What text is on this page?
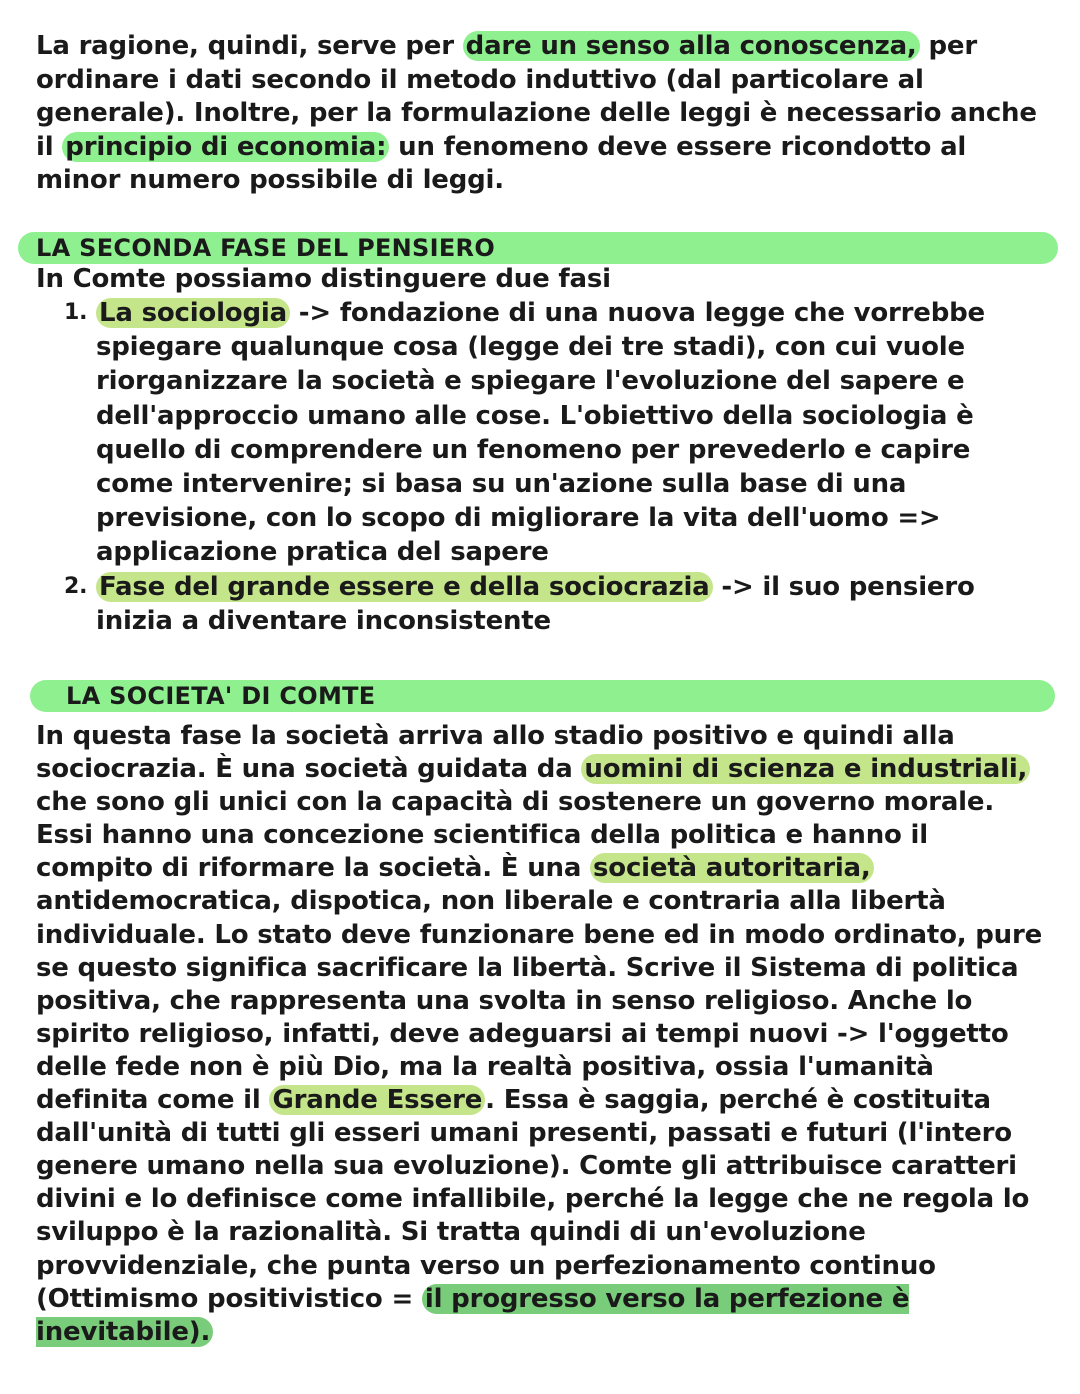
La ragione, quindi, serve per dare un senso alla conoscenza, per ordinare i dati secondo il metodo induttivo (dal particolare al generale). Inoltre, per la formulazione delle leggi è necessario anche il principio di economia: un fenomeno deve essere ricondotto al minor numero possibile di leggi.

LA SECONDA FASE DEL PENSIERO

In Comte possiamo distinguere due fasi

1. La sociologia -> fondazione di una nuova legge che vorrebbe spiegare qualunque cosa (legge dei tre stadi), con cui vuole riorganizzare la società e spiegare l'evoluzione del sapere e dell'approccio umano alle cose. L'obiettivo della sociologia è quello di comprendere un fenomeno per prevederlo e capire come intervenire; si basa su un'azione sulla base di una previsione, con lo scopo di migliorare la vita dell'uomo => applicazione pratica del sapere
2. Fase del grande essere e della sociocrazia -> il suo pensiero inizia a diventare inconsistente
LA SOCIETA' DI COMTE

In questa fase la società arriva allo stadio positivo e quindi alla sociocrazia. È una società guidata da uomini di scienza e industriali, che sono gli unici con la capacità di sostenere un governo morale. Essi hanno una concezione scientifica della politica e hanno il compito di riformare la società. È una società autoritaria, antidemocratica, dispotica, non liberale e contraria alla libertà individuale. Lo stato deve funzionare bene ed in modo ordinato, pure se questo significa sacrificare la libertà. Scrive il Sistema di politica positiva, che rappresenta una svolta in senso religioso. Anche lo spirito religioso, infatti, deve adeguarsi ai tempi nuovi -> l'oggetto delle fede non è più Dio, ma la realtà positiva, ossia l'umanità definita come il Grande Essere . Essa è saggia, perché è costituita dall'unità di tutti gli esseri umani presenti, passati e futuri (l'intero genere umano nella sua evoluzione). Comte gli attribuisce caratteri divini e lo definisce come infallibile, perché la legge che ne regola lo sviluppo è la razionalità. Si tratta quindi di un'evoluzione provvidenziale, che punta verso un perfezionamento continuo (Ottimismo positivistico = il progresso verso la perfezione è inevitabile).
